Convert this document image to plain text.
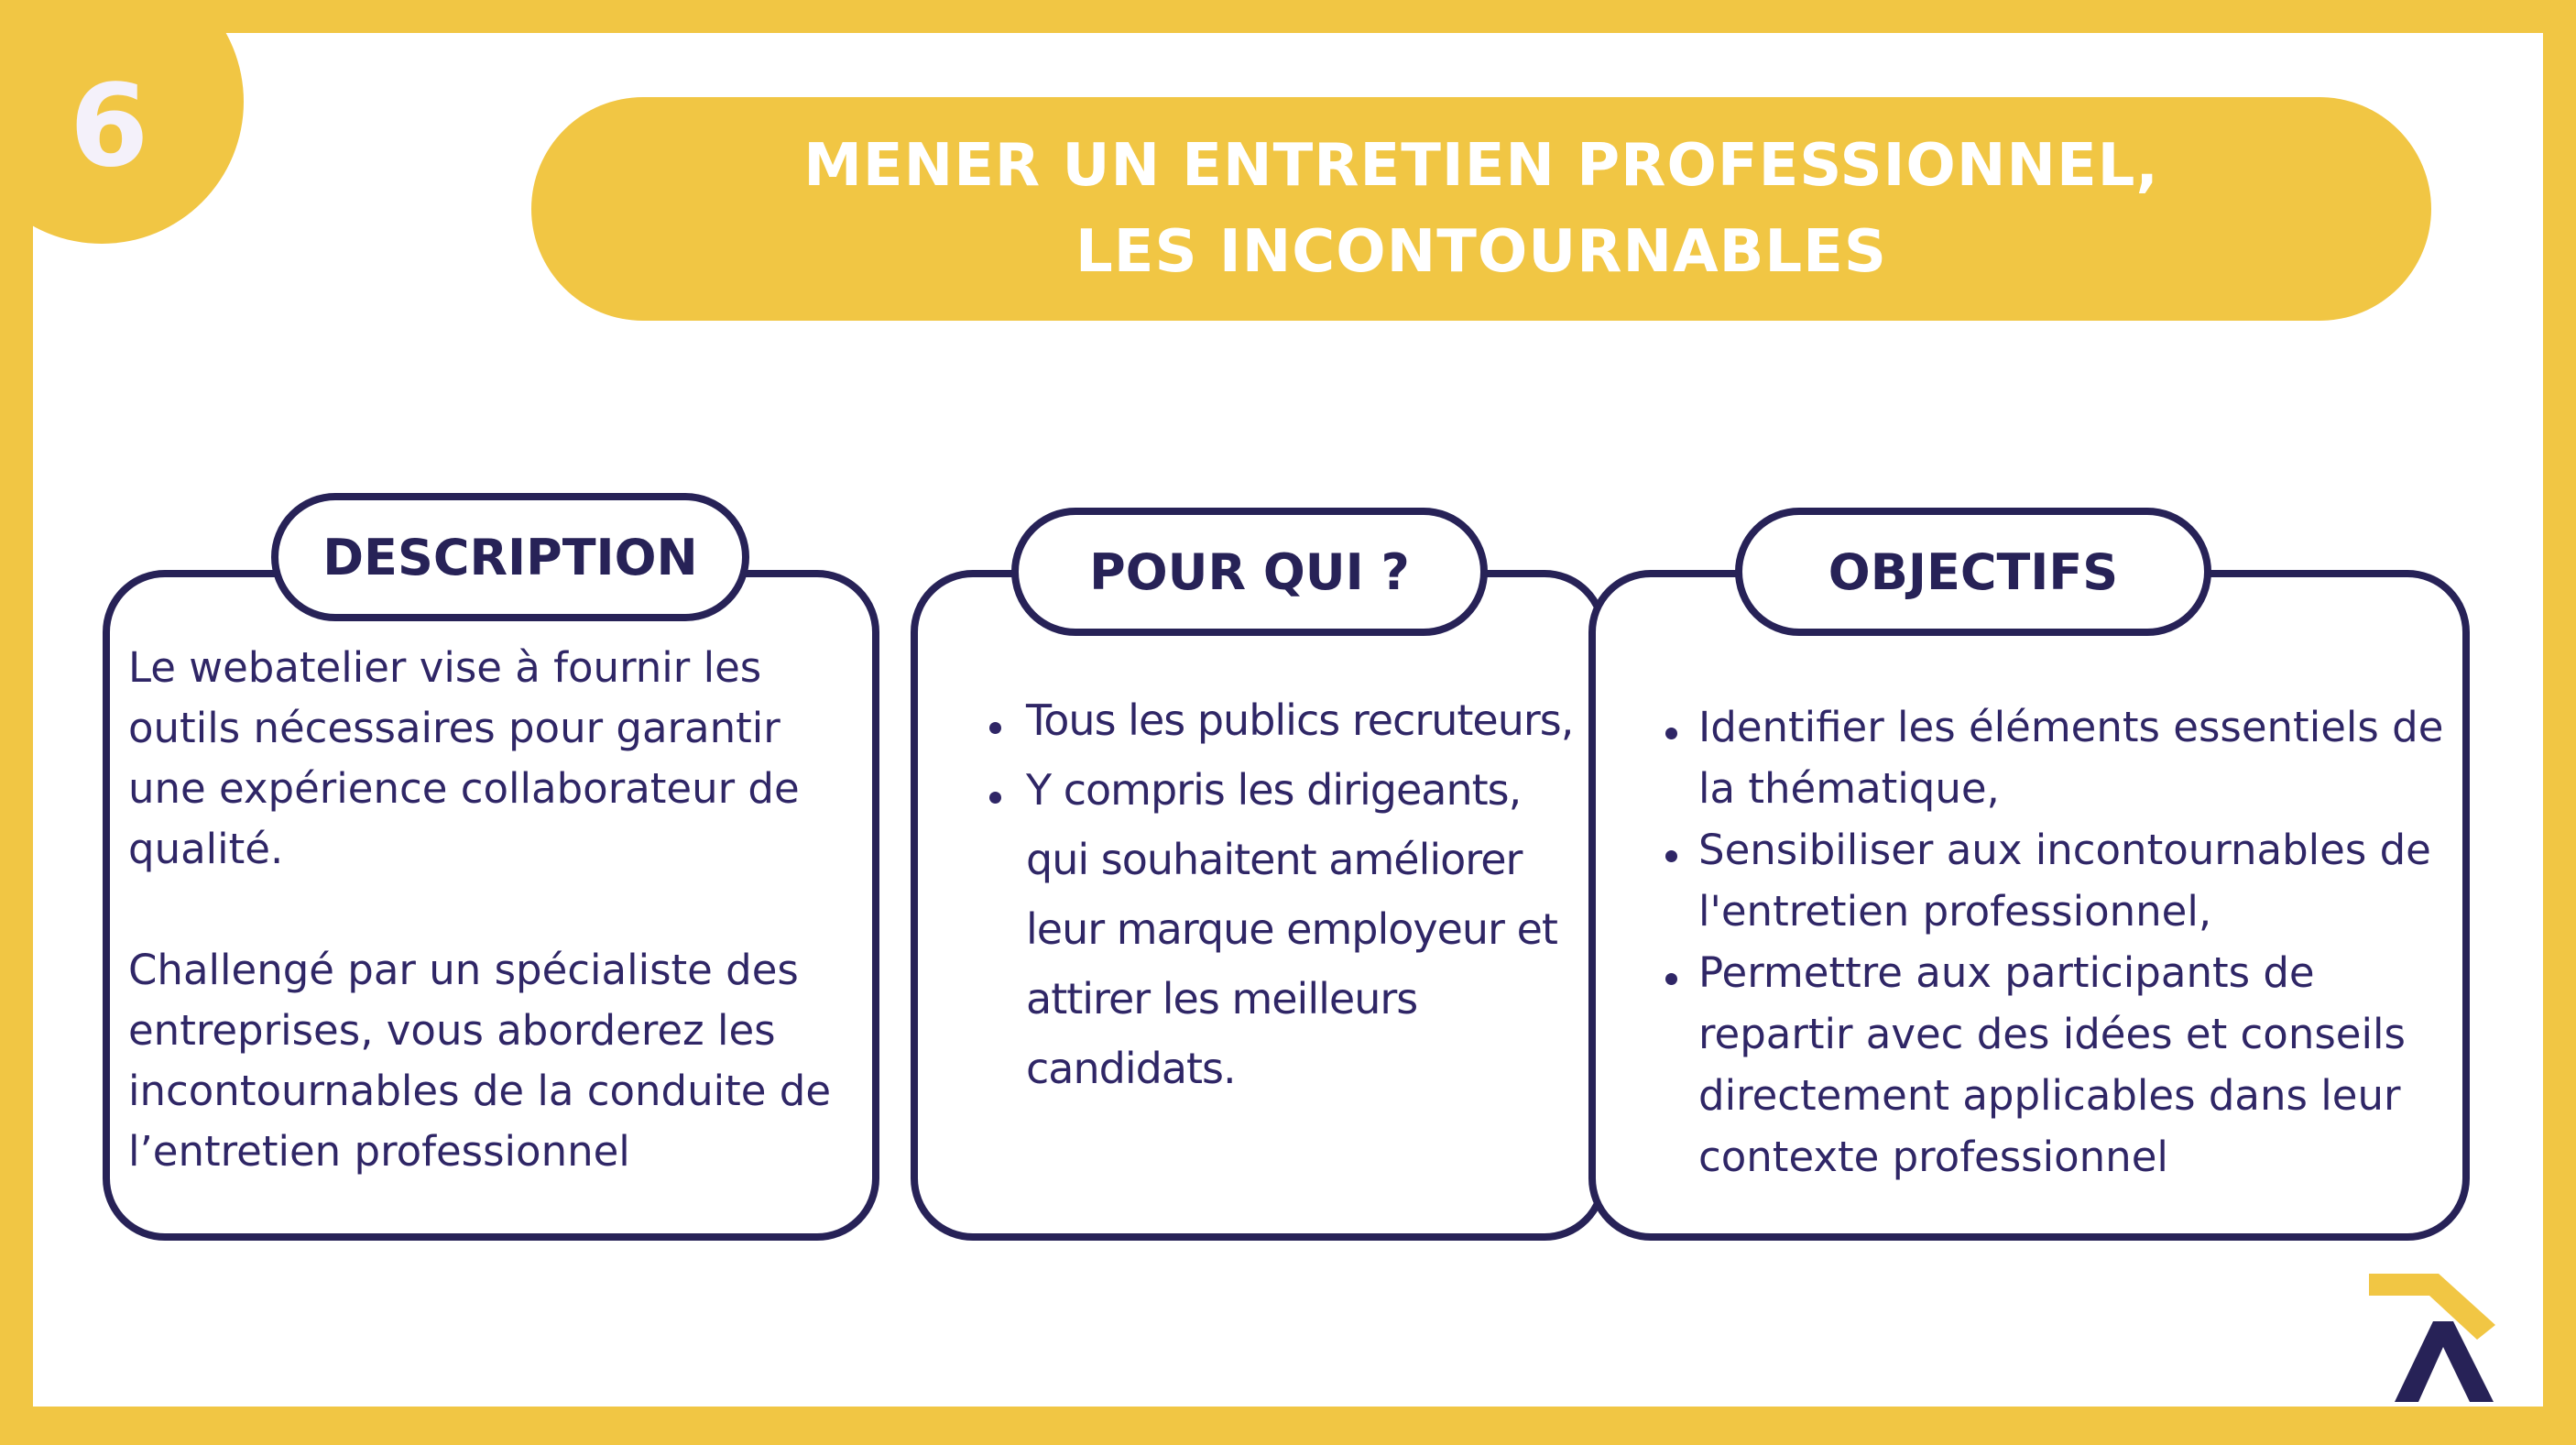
6	MENER UN ENTRETIEN PROFESSIONNEL, LES INCONTOURNABLES
DESCRIPTION	POUR QUI ?	OBJECTIFS

Le webatelier vise à fournir les outils nécessaires pour garantir une expérience collaborateur de qualité.

Challengé par un spécialiste des entreprises, vous aborderez les incontournables de la conduite de l’entretien professionnel

Tous les publics recruteurs,
Y compris les dirigeants, qui souhaitent améliorer leur marque employeur et attirer les meilleurs candidats.
Identifier les éléments essentiels de la thématique,
Sensibiliser aux incontournables de l'entretien professionnel,
Permettre aux participants de repartir avec des idées et conseils directement applicables dans leur contexte professionnel
